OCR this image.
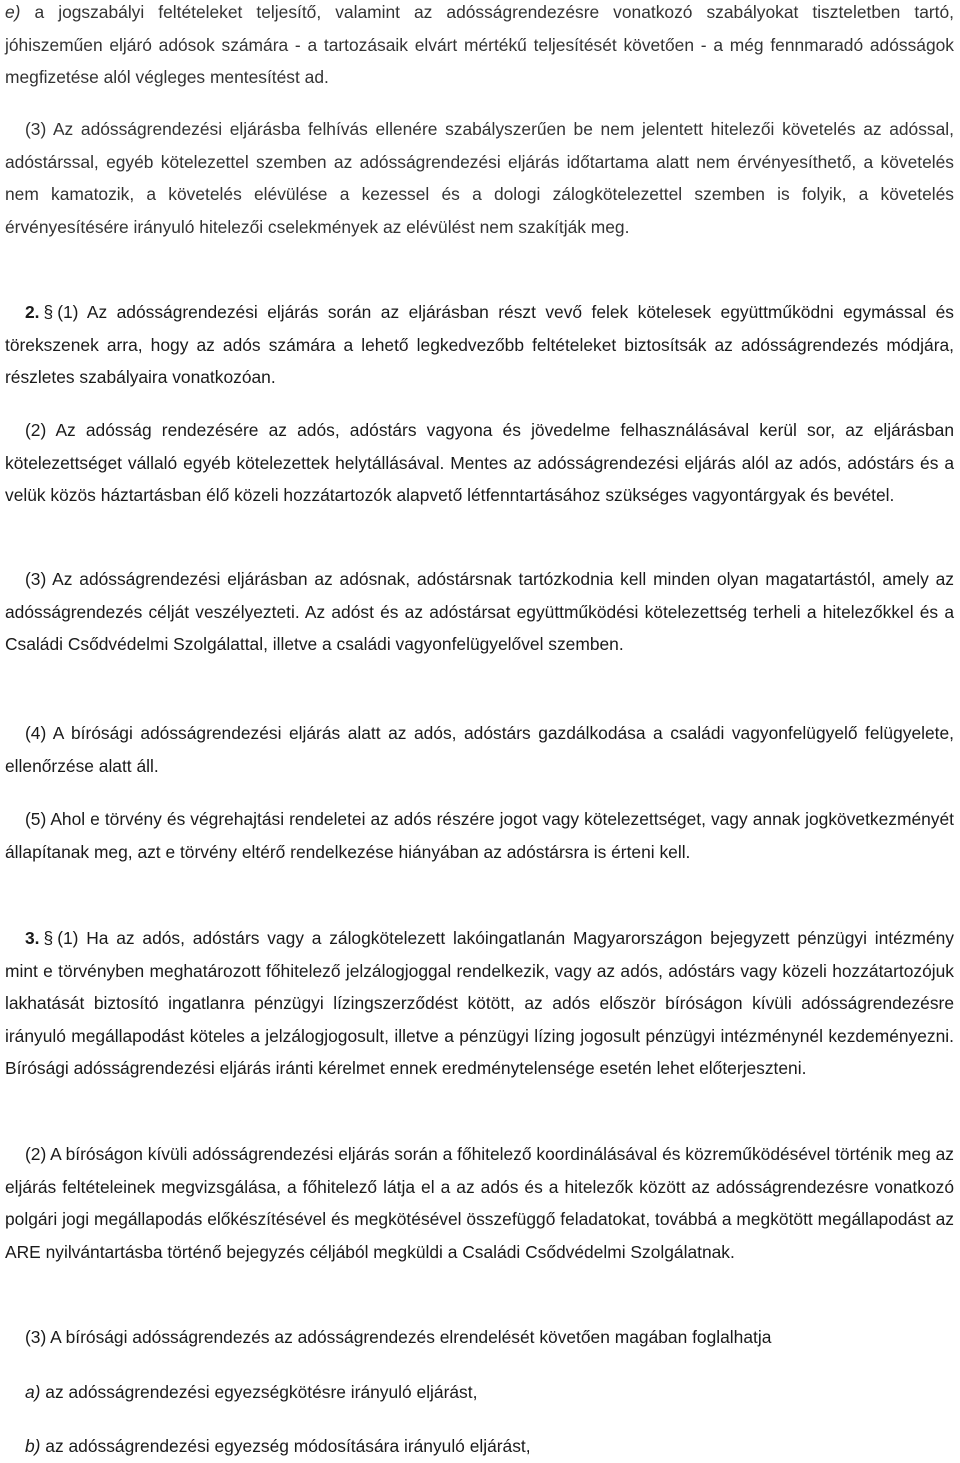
e) a jogszabályi feltételeket teljesítő, valamint az adósságrendezésre vonatkozó szabályokat tiszteletben tartó, jóhiszeműen eljáró adósok számára - a tartozásaik elvárt mértékű teljesítését követően - a még fennmaradó adósságok megfizetése alól végleges mentesítést ad.

(3) Az adósságrendezési eljárásba felhívás ellenére szabályszerűen be nem jelentett hitelezői követelés az adóssal, adóstárssal, egyéb kötelezettel szemben az adósságrendezési eljárás időtartama alatt nem érvényesíthető, a követelés nem kamatozik, a követelés elévülése a kezessel és a dologi zálogkötelezettel szemben is folyik, a követelés érvényesítésére irányuló hitelezői cselekmények az elévülést nem szakítják meg.

2. § (1) Az adósságrendezési eljárás során az eljárásban részt vevő felek kötelesek együttműködni egymással és törekszenek arra, hogy az adós számára a lehető legkedvezőbb feltételeket biztosítsák az adósságrendezés módjára, részletes szabályaira vonatkozóan.

(2) Az adósság rendezésére az adós, adóstárs vagyona és jövedelme felhasználásával kerül sor, az eljárásban kötelezettséget vállaló egyéb kötelezettek helytállásával. Mentes az adósságrendezési eljárás alól az adós, adóstárs és a velük közös háztartásban élő közeli hozzátartozók alapvető létfenntartásához szükséges vagyontárgyak és bevétel.

(3) Az adósságrendezési eljárásban az adósnak, adóstársnak tartózkodnia kell minden olyan magatartástól, amely az adósságrendezés célját veszélyezteti. Az adóst és az adóstársat együttműködési kötelezettség terheli a hitelezőkkel és a Családi Csődvédelmi Szolgálattal, illetve a családi vagyonfelügyelővel szemben.

(4) A bírósági adósságrendezési eljárás alatt az adós, adóstárs gazdálkodása a családi vagyonfelügyelő felügyelete, ellenőrzése alatt áll.

(5) Ahol e törvény és végrehajtási rendeletei az adós részére jogot vagy kötelezettséget, vagy annak jogkövetkezményét állapítanak meg, azt e törvény eltérő rendelkezése hiányában az adóstársra is érteni kell.

3. § (1) Ha az adós, adóstárs vagy a zálogkötelezett lakóingatlanán Magyarországon bejegyzett pénzügyi intézmény mint e törvényben meghatározott főhitelező jelzálogjoggal rendelkezik, vagy az adós, adóstárs vagy közeli hozzátartozójuk lakhatását biztosító ingatlanra pénzügyi lízingszerződést kötött, az adós először bíróságon kívüli adósságrendezésre irányuló megállapodást köteles a jelzálogjogosult, illetve a pénzügyi lízing jogosult pénzügyi intézménynél kezdeményezni. Bírósági adósságrendezési eljárás iránti kérelmet ennek eredménytelensége esetén lehet előterjeszteni.

(2) A bíróságon kívüli adósságrendezési eljárás során a főhitelező koordinálásával és közreműködésével történik meg az eljárás feltételeinek megvizsgálása, a főhitelező látja el a az adós és a hitelezők között az adósságrendezésre vonatkozó polgári jogi megállapodás előkészítésével és megkötésével összefüggő feladatokat, továbbá a megkötött megállapodást az ARE nyilvántartásba történő bejegyzés céljából megküldi a Családi Csődvédelmi Szolgálatnak.

(3) A bírósági adósságrendezés az adósságrendezés elrendelését követően magában foglalhatja

a) az adósságrendezési egyezségkötésre irányuló eljárást,

b) az adósságrendezési egyezség módosítására irányuló eljárást,
